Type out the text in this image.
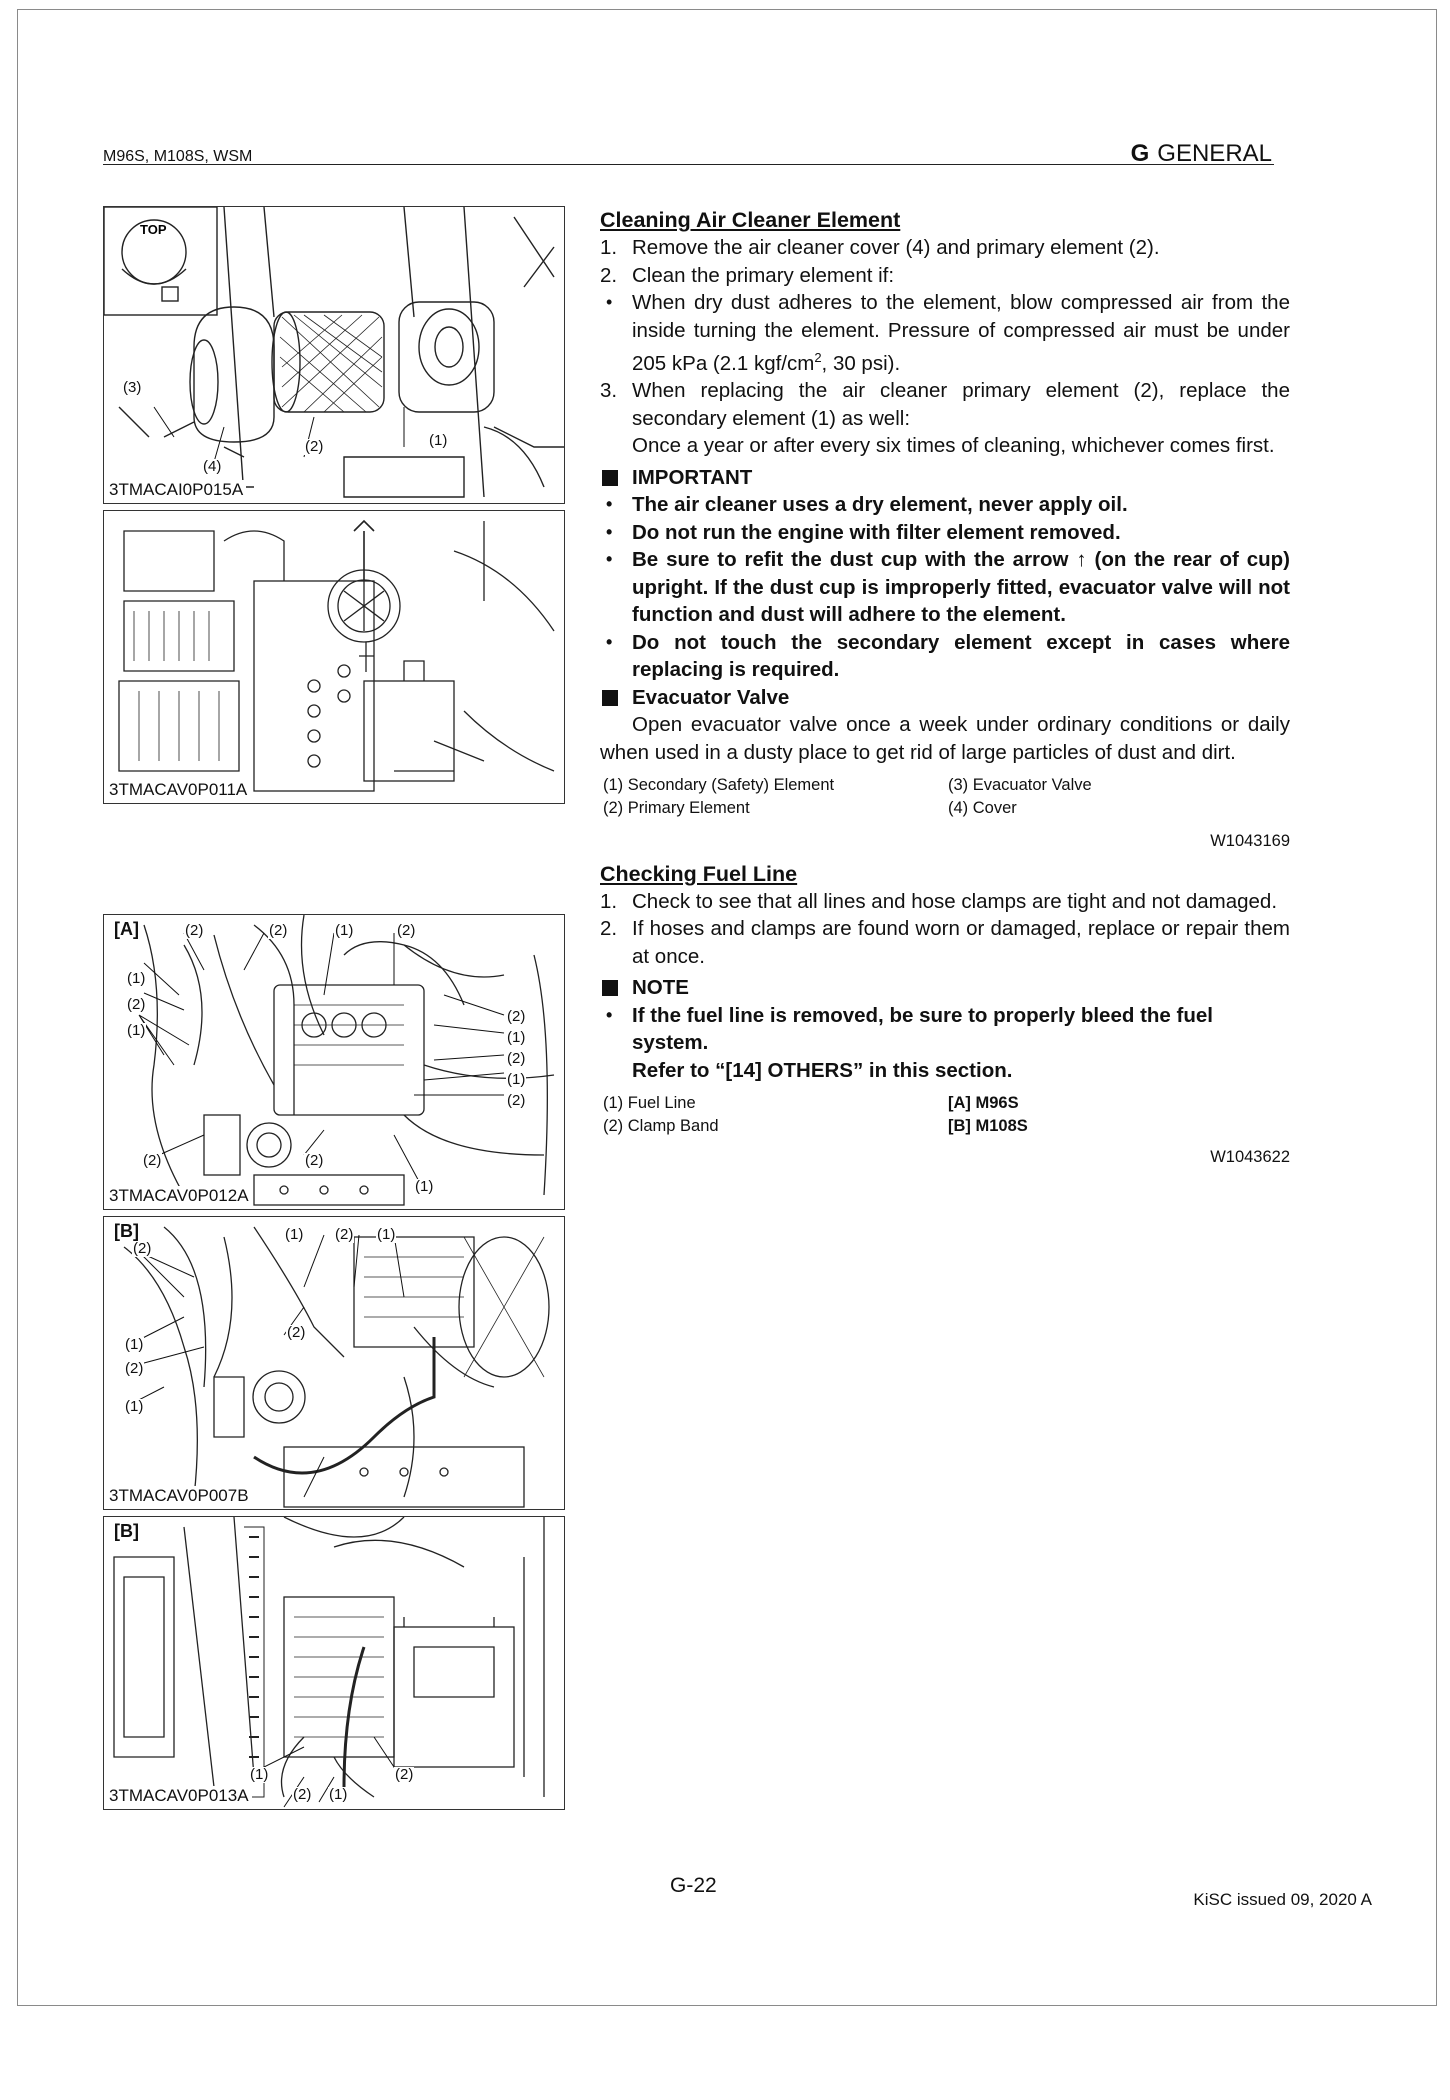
M96S, M108S, WSM	G GENERAL
TOP
(3)
(4)
(2)	(1)
3TMACAI0P015A
3TMACAV0P011A
[A]	(2)	(2)	(1)	(2)
(1)
(2)
(1)
(2)
(1)
(2)
(1)
(2)
(2)	(2)
(1)
3TMACAV0P012A
[B]
(2)
(1) (2) (1)
(2)
(1)
(2)
(1)
3TMACAV0P007B
[B]
(1)	(2)
(2) (1)
3TMACAV0P013A
Cleaning Air Cleaner Element
1. Remove the air cleaner cover (4) and primary element (2).
2. Clean the primary element if:
• When dry dust adheres to the element, blow compressed air from the inside turning the element. Pressure of compressed air must be under 205 kPa (2.1 kgf/$cm^2$, 30 psi).
3. When replacing the air cleaner primary element (2), replace the secondary element (1) as well:
Once a year or after every six times of cleaning, whichever comes first.
IMPORTANT
• The air cleaner uses a dry element, never apply oil.
• Do not run the engine with filter element removed.
• Be sure to refit the dust cup with the arrow ↑ (on the rear of cup) upright. If the dust cup is improperly fitted, evacuator valve will not function and dust will adhere to the element.
• Do not touch the secondary element except in cases where replacing is required.
Evacuator Valve
Open evacuator valve once a week under ordinary conditions or daily when used in a dusty place to get rid of large particles of dust and dirt.
(1) Secondary (Safety) Element	(3) Evacuator Valve
(2) Primary Element	(4) Cover
W1043169
Checking Fuel Line
1. Check to see that all lines and hose clamps are tight and not damaged.
2. If hoses and clamps are found worn or damaged, replace or repair them at once.
NOTE
• If the fuel line is removed, be sure to properly bleed the fuel system.
Refer to “[14] OTHERS” in this section.
(1) Fuel Line	[A] M96S
(2) Clamp Band	[B] M108S
W1043622
G-22
KiSC issued 09, 2020 A
